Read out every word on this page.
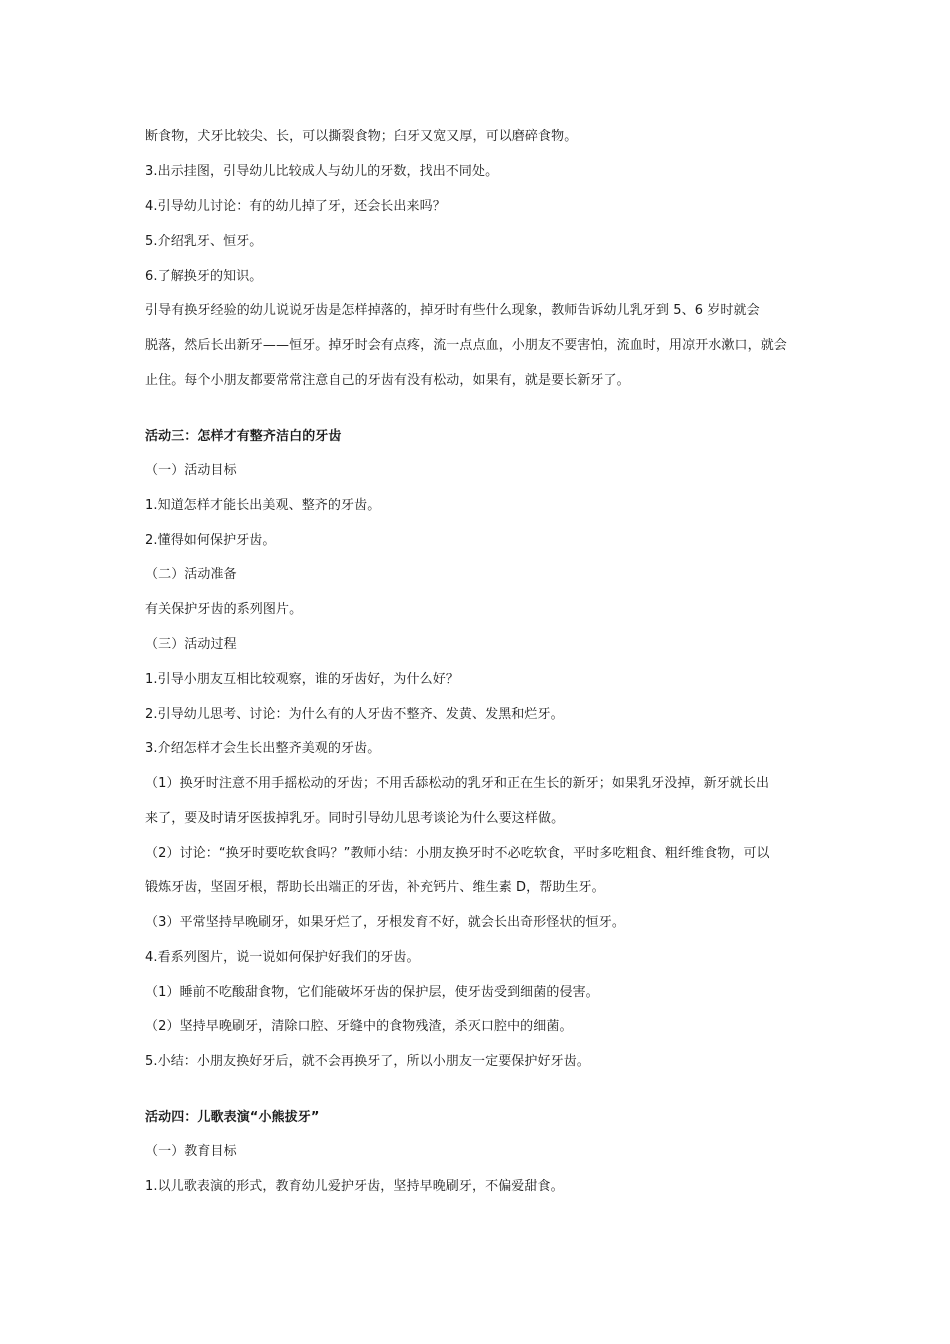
断食物，犬牙比较尖、长，可以撕裂食物；臼牙又宽又厚，可以磨碎食物。
3.出示挂图，引导幼儿比较成人与幼儿的牙数，找出不同处。
4.引导幼儿讨论：有的幼儿掉了牙，还会长出来吗？
5.介绍乳牙、恒牙。
6.了解换牙的知识。
引导有换牙经验的幼儿说说牙齿是怎样掉落的，掉牙时有些什么现象，教师告诉幼儿乳牙到 5、6 岁时就会
脱落，然后长出新牙——恒牙。掉牙时会有点疼，流一点点血，小朋友不要害怕，流血时，用凉开水漱口，就会
止住。每个小朋友都要常常注意自己的牙齿有没有松动，如果有，就是要长新牙了。
活动三：怎样才有整齐洁白的牙齿
（一）活动目标
1.知道怎样才能长出美观、整齐的牙齿。
2.懂得如何保护牙齿。
（二）活动准备
有关保护牙齿的系列图片。
（三）活动过程
1.引导小朋友互相比较观察，谁的牙齿好，为什么好？
2.引导幼儿思考、讨论：为什么有的人牙齿不整齐、发黄、发黑和烂牙。
3.介绍怎样才会生长出整齐美观的牙齿。
（1）换牙时注意不用手摇松动的牙齿；不用舌舔松动的乳牙和正在生长的新牙；如果乳牙没掉，新牙就长出
来了，要及时请牙医拔掉乳牙。同时引导幼儿思考谈论为什么要这样做。
（2）讨论：“换牙时要吃软食吗？”教师小结：小朋友换牙时不必吃软食，平时多吃粗食、粗纤维食物，可以
锻炼牙齿，坚固牙根，帮助长出端正的牙齿，补充钙片、维生素 D，帮助生牙。
（3）平常坚持早晚刷牙，如果牙烂了，牙根发育不好，就会长出奇形怪状的恒牙。
4.看系列图片，说一说如何保护好我们的牙齿。
（1）睡前不吃酸甜食物，它们能破坏牙齿的保护层，使牙齿受到细菌的侵害。
（2）坚持早晚刷牙，清除口腔、牙缝中的食物残渣，杀灭口腔中的细菌。
5.小结：小朋友换好牙后，就不会再换牙了，所以小朋友一定要保护好牙齿。
活动四：儿歌表演“小熊拔牙”
（一）教育目标
1.以儿歌表演的形式，教育幼儿爱护牙齿，坚持早晚刷牙，不偏爱甜食。
